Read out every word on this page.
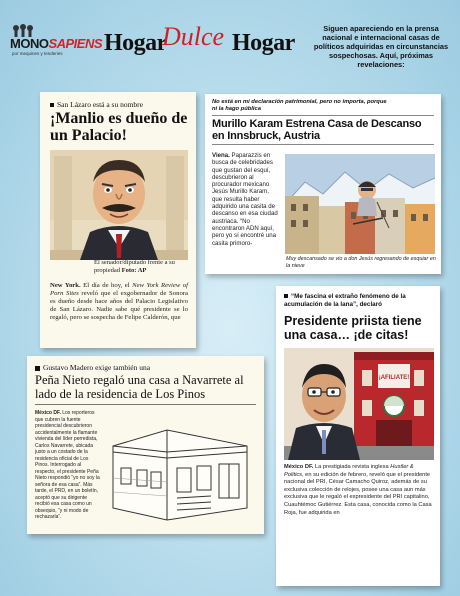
MONOSAPIENS
por mequines y tenderies Hogar
Dulce Hogar
Siguen apareciendo en la prensa nacional e internacional casas de políticos adquiridas en circunstancias sospechosas. Aquí, próximas revelaciones:
San Lázaro está a su nombre
¡Manlio es dueño de un Palacio!
El senador/diputado frente a su propiedad Foto: AP
New York. El día de hoy, el New York Review of Porn Sites reveló que el exgobernador de Sonora es dueño desde hace años del Palacio Legislativo de San Lázaro. Nadie sabe qué presidente se lo regaló, pero se sospecha de Felipe Calderón, que
No está en mi declaración patrimonial, pero no importa, porque ni la hago pública
Murillo Karam Estrena Casa de Descanso en Innsbruck, Austria
Viena. Paparazzis en busca de celebridades que gustan del esquí, descubrieron al procurador mexicano Jesús Murillo Karam, que resulta haber adquirido una casita de descanso en esa ciudad austriaca. “No encontraron ADN aquí, pero yo sí encontré una casita primoro-
Muy descansado se vio a don Jesús regresando de esquiar en la nieve
Gustavo Madero exige también una
Peña Nieto regaló una casa a Navarrete al lado de la residencia de Los Pinos
México DF. Los reporteros que cubren la fuente presidencial descubrieron accidentalmente la flamante vivienda del líder perredista, Carlos Navarrete, ubicada justo a un costado de la residencia oficial de Los Pinos. Interrogado al respecto, el presidente Peña Nieto respondió “yo no soy la señora de esa casa”. Más tarde, el PRD, en un boletín, aceptó que su dirigente recibió esa casa como un obsequio, “y ni modo de rechazarla”.
“Me fascina el extraño fenómeno de la acumulación de la lana”, declaró
Presidente priista tiene una casa… ¡de citas!
¡AFILIATE!
México DF. La prestigiada revista inglesa Hustler & Politics, en su edición de febrero, reveló que el presidente nacional del PRI, César Camacho Quiroz, además de su exclusiva colección de relojes, posee una casa aun más exclusiva que le regaló el expresidente del PRI capitalino, Cuauhtémoc Gutiérrez. Esta casa, conocida como la Casa Roja, fue adquirida en
